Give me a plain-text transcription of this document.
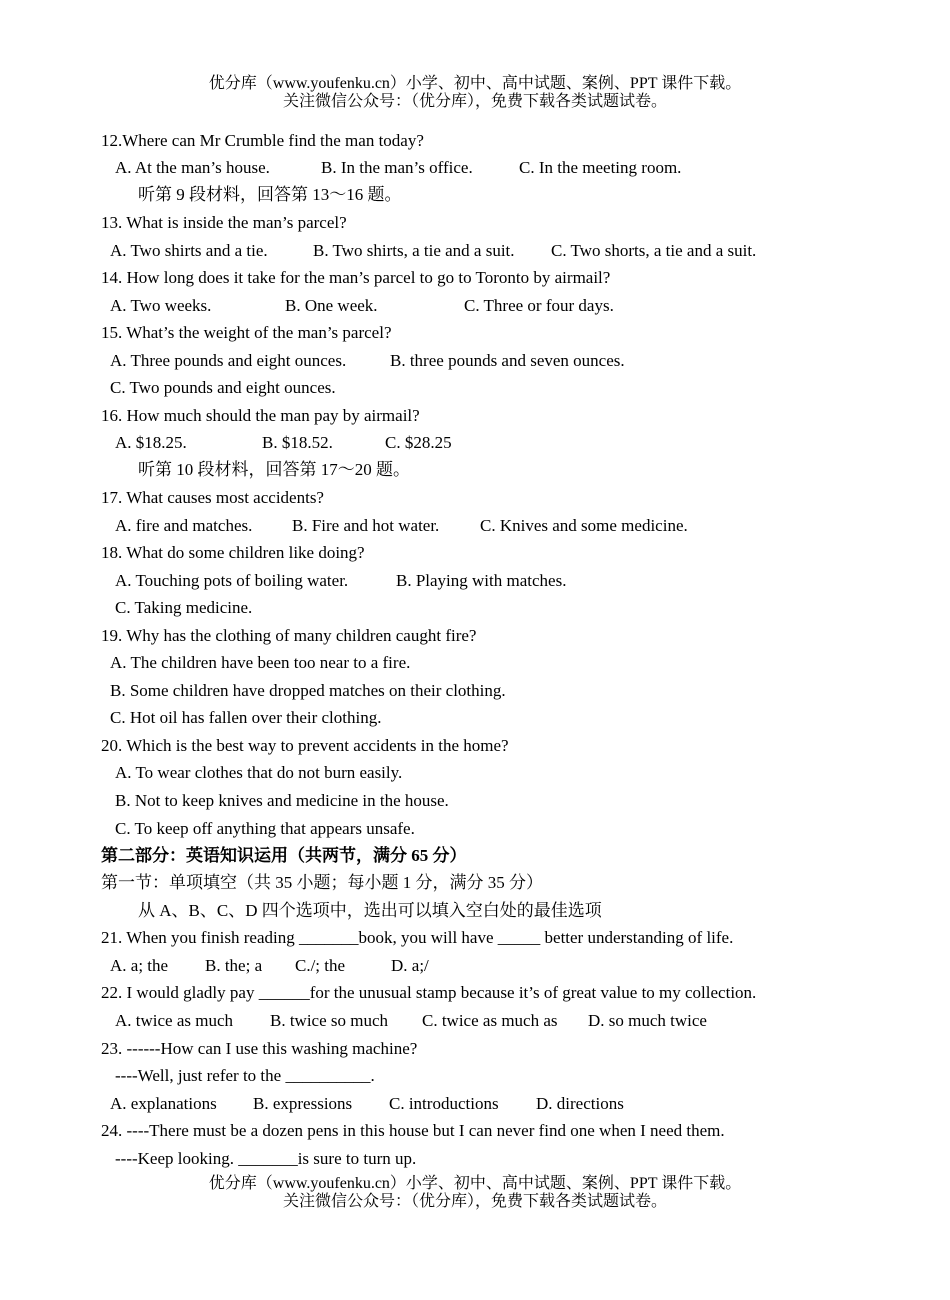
优分库（www.youfenku.cn）小学、初中、高中试题、案例、PPT 课件下载。
关注微信公众号：（优分库），免费下载各类试题试卷。
12.Where can Mr Crumble find the man today?
A. At the man’s house.	B. In the man’s office.	C. In the meeting room.
听第 9 段材料，回答第 13～16 题。
13. What is inside the man’s parcel?
A. Two shirts and a tie.	B. Two shirts, a tie and a suit. C. Two shorts, a tie and a suit.
14. How long does it take for the man’s parcel to go to Toronto by airmail?
A. Two weeks.	B. One week.	C. Three or four days.
15. What’s the weight of the man’s parcel?
A. Three pounds and eight ounces.	B. three pounds and seven ounces.
C. Two pounds and eight ounces.
16. How much should the man pay by airmail?
A. $18.25.	B. $18.52.	C. $28.25
听第 10 段材料，回答第 17～20 题。
17. What causes most accidents?
A. fire and matches. B. Fire and hot water. C. Knives and some medicine.
18. What do some children like doing?
A. Touching pots of boiling water.	B. Playing with matches.
C. Taking medicine.
19. Why has the clothing of many children caught fire?
A. The children have been too near to a fire.
B. Some children have dropped matches on their clothing.
C. Hot oil has fallen over their clothing.
20. Which is the best way to prevent accidents in the home?
A. To wear clothes that do not burn easily.
B. Not to keep knives and medicine in the house.
C. To keep off anything that appears unsafe.
第二部分：英语知识运用（共两节，满分 65 分）
第一节：单项填空（共 35 小题；每小题 1 分，满分 35 分）
从 A、B、C、D 四个选项中，选出可以填入空白处的最佳选项
21. When you finish reading _______book, you will have _____ better understanding of life.
A. a; the B. the; a C./; the	D. a;/
22. I would gladly pay ______for the unusual stamp because it’s of great value to my collection.
A. twice as much B. twice so much C. twice as much as D. so much twice
23. ------How can I use this washing machine?
----Well, just refer to the __________.
A. explanations B. expressions C. introductions D. directions
24. ----There must be a dozen pens in this house but I can never find one when I need them.
----Keep looking. _______is sure to turn up.
优分库（www.youfenku.cn）小学、初中、高中试题、案例、PPT 课件下载。
关注微信公众号：（优分库），免费下载各类试题试卷。
